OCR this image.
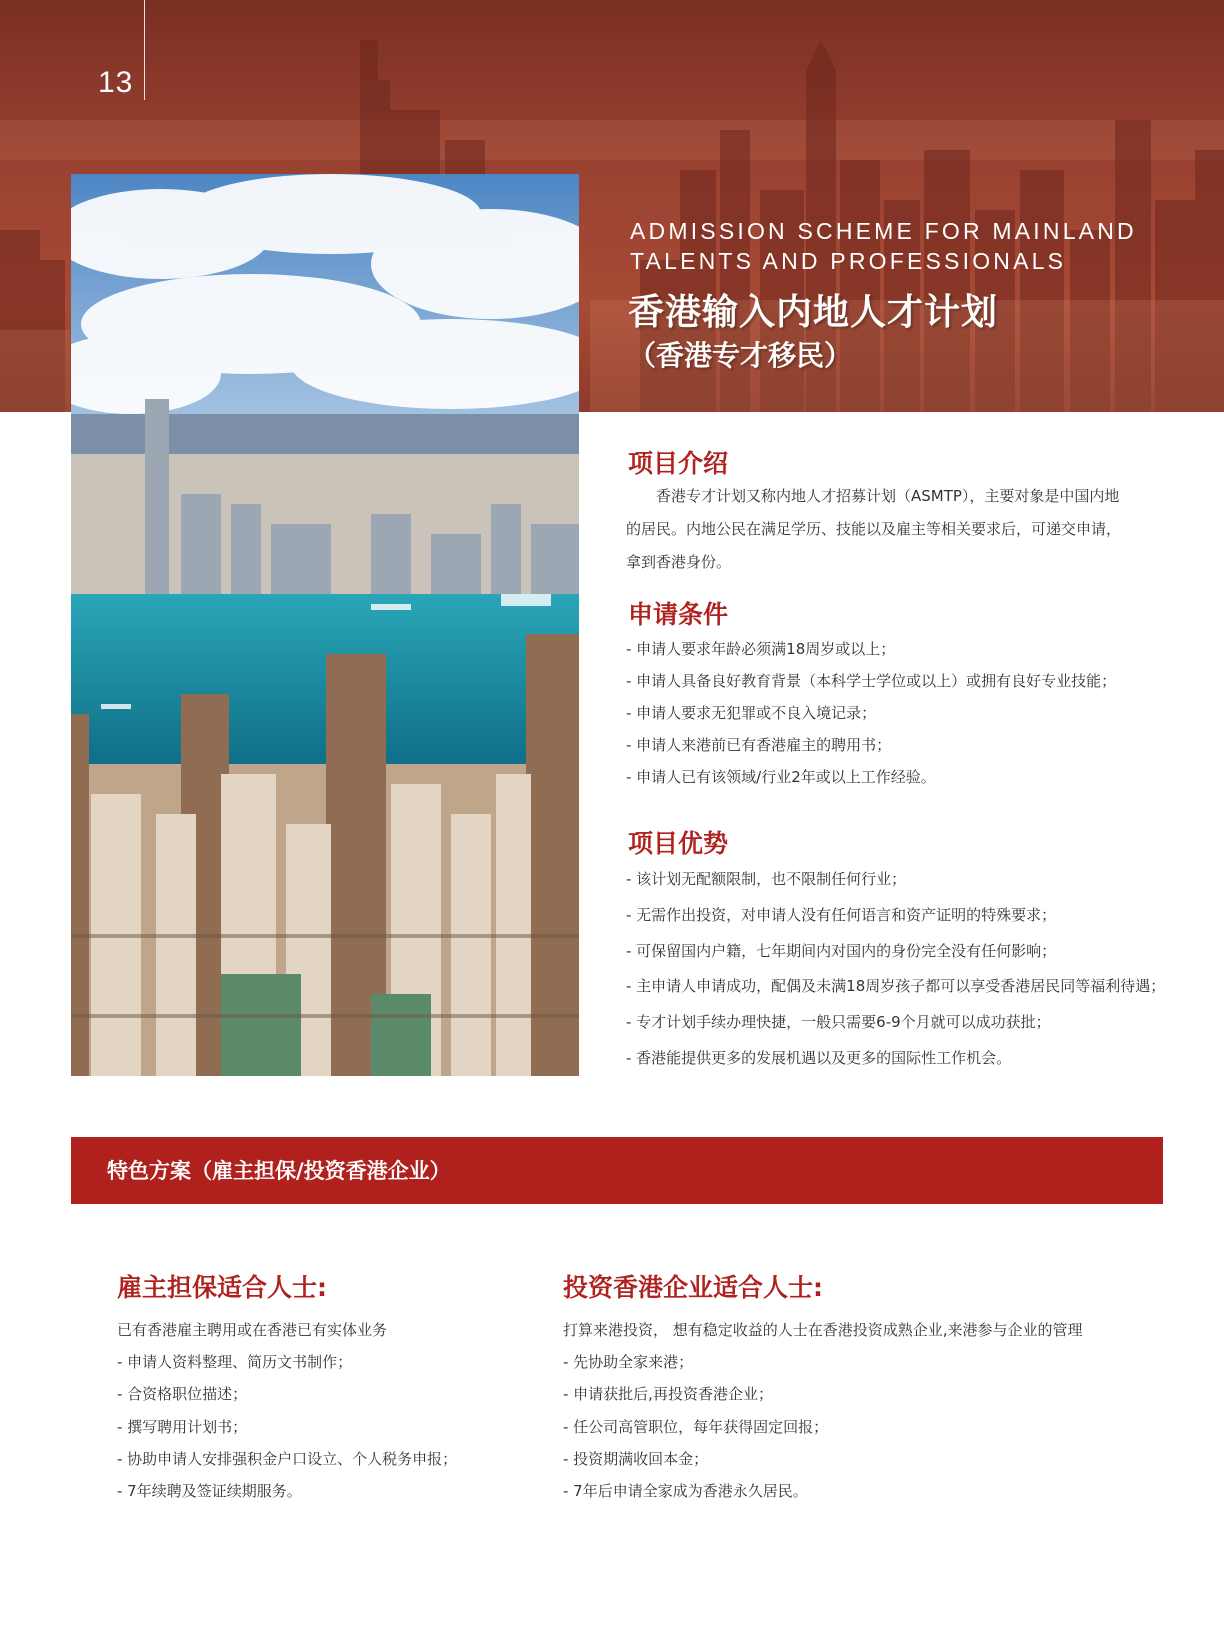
13
ADMISSION SCHEME FOR MAINLAND TALENTS AND PROFESSIONALS
香港输入内地人才计划
（香港专才移民）
项目介绍

香港专才计划又称内地人才招募计划（ASMTP），主要对象是中国内地的居民。内地公民在满足学历、技能以及雇主等相关要求后，可递交申请，拿到香港身份。

申请条件
- 申请人要求年龄必须满18周岁或以上；
- 申请人具备良好教育背景（本科学士学位或以上）或拥有良好专业技能；
- 申请人要求无犯罪或不良入境记录；
- 申请人来港前已有香港雇主的聘用书；
- 申请人已有该领域/行业2年或以上工作经验。
项目优势
- 该计划无配额限制，也不限制任何行业；
- 无需作出投资，对申请人没有任何语言和资产证明的特殊要求；
- 可保留国内户籍，七年期间内对国内的身份完全没有任何影响；
- 主申请人申请成功，配偶及未满18周岁孩子都可以享受香港居民同等福利待遇；
- 专才计划手续办理快捷，一般只需要6-9个月就可以成功获批；
- 香港能提供更多的发展机遇以及更多的国际性工作机会。
特色方案（雇主担保/投资香港企业）
雇主担保适合人士:
已有香港雇主聘用或在香港已有实体业务
- 申请人资料整理、简历文书制作；
- 合资格职位描述；
- 撰写聘用计划书；
- 协助申请人安排强积金户口设立、个人税务申报；
- 7年续聘及签证续期服务。
投资香港企业适合人士:
打算来港投资， 想有稳定收益的人士在香港投资成熟企业,来港参与企业的管理
- 先协助全家来港；
- 申请获批后,再投资香港企业；
- 任公司高管职位，每年获得固定回报；
- 投资期满收回本金；
- 7年后申请全家成为香港永久居民。
